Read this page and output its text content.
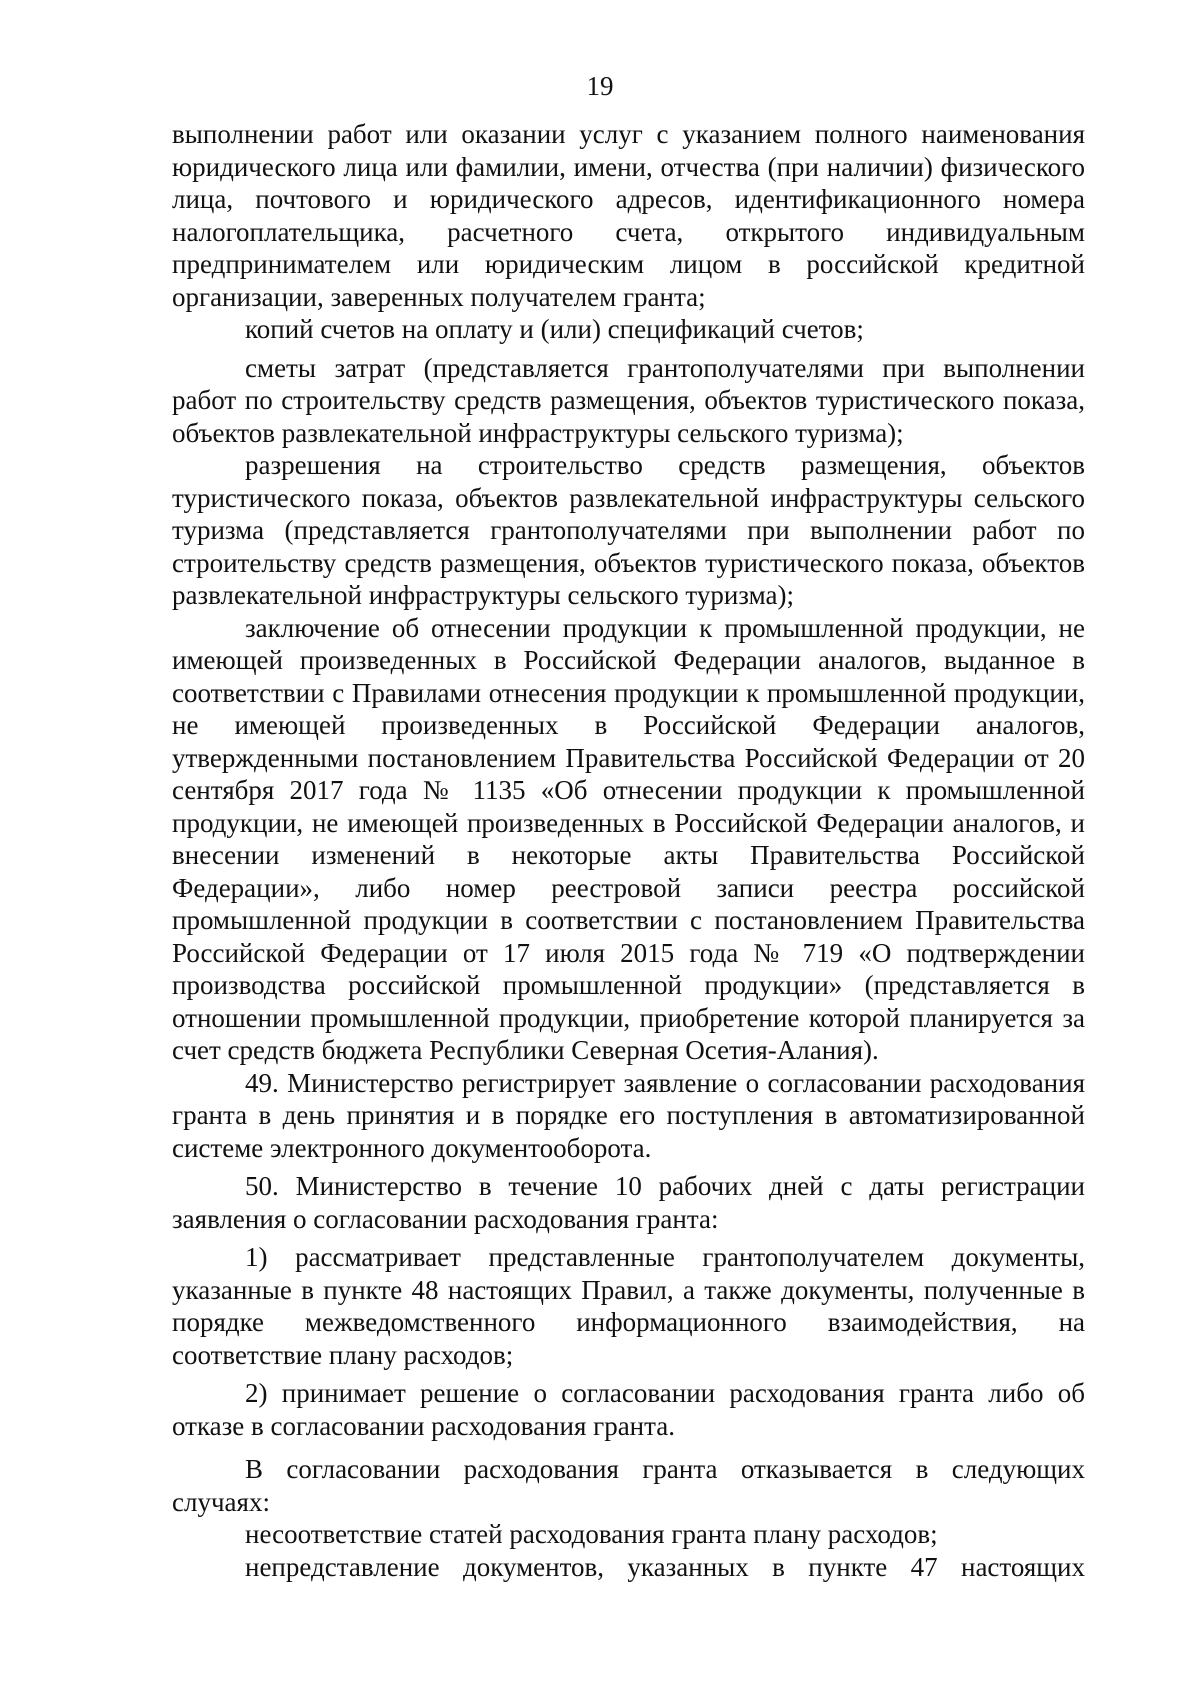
19

выполнении работ или оказании услуг с указанием полного наименования юридического лица или фамилии, имени, отчества (при наличии) физического лица, почтового и юридического адресов, идентификационного номера налогоплательщика, расчетного счета, открытого индивидуальным предпринимателем или юридическим лицом в российской кредитной организации, заверенных получателем гранта;

копий счетов на оплату и (или) спецификаций счетов;

сметы затрат (представляется грантополучателями при выполнении работ по строительству средств размещения, объектов туристического показа, объектов развлекательной инфраструктуры сельского туризма);

разрешения на строительство средств размещения, объектов туристического показа, объектов развлекательной инфраструктуры сельского туризма (представляется грантополучателями при выполнении работ по строительству средств размещения, объектов туристического показа, объектов развлекательной инфраструктуры сельского туризма);

заключение об отнесении продукции к промышленной продукции, не имеющей произведенных в Российской Федерации аналогов, выданное в соответствии с Правилами отнесения продукции к промышленной продукции, не имеющей произведенных в Российской Федерации аналогов, утвержденными постановлением Правительства Российской Федерации от 20 сентября 2017 года № 1135 «Об отнесении продукции к промышленной продукции, не имеющей произведенных в Российской Федерации аналогов, и внесении изменений в некоторые акты Правительства Российской Федерации», либо номер реестровой записи реестра российской промышленной продукции в соответствии с постановлением Правительства Российской Федерации от 17 июля 2015 года № 719 «О подтверждении производства российской промышленной продукции» (представляется в отношении промышленной продукции, приобретение которой планируется за счет средств бюджета Республики Северная Осетия-Алания).

49. Министерство регистрирует заявление о согласовании расходования гранта в день принятия и в порядке его поступления в автоматизированной системе электронного документооборота.

50. Министерство в течение 10 рабочих дней с даты регистрации заявления о согласовании расходования гранта:

1) рассматривает представленные грантополучателем документы, указанные в пункте 48 настоящих Правил, а также документы, полученные в порядке межведомственного информационного взаимодействия, на соответствие плану расходов;

2) принимает решение о согласовании расходования гранта либо об отказе в согласовании расходования гранта.

В согласовании расходования гранта отказывается в следующих случаях:

несоответствие статей расходования гранта плану расходов;

непредставление документов, указанных в пункте 47 настоящих
